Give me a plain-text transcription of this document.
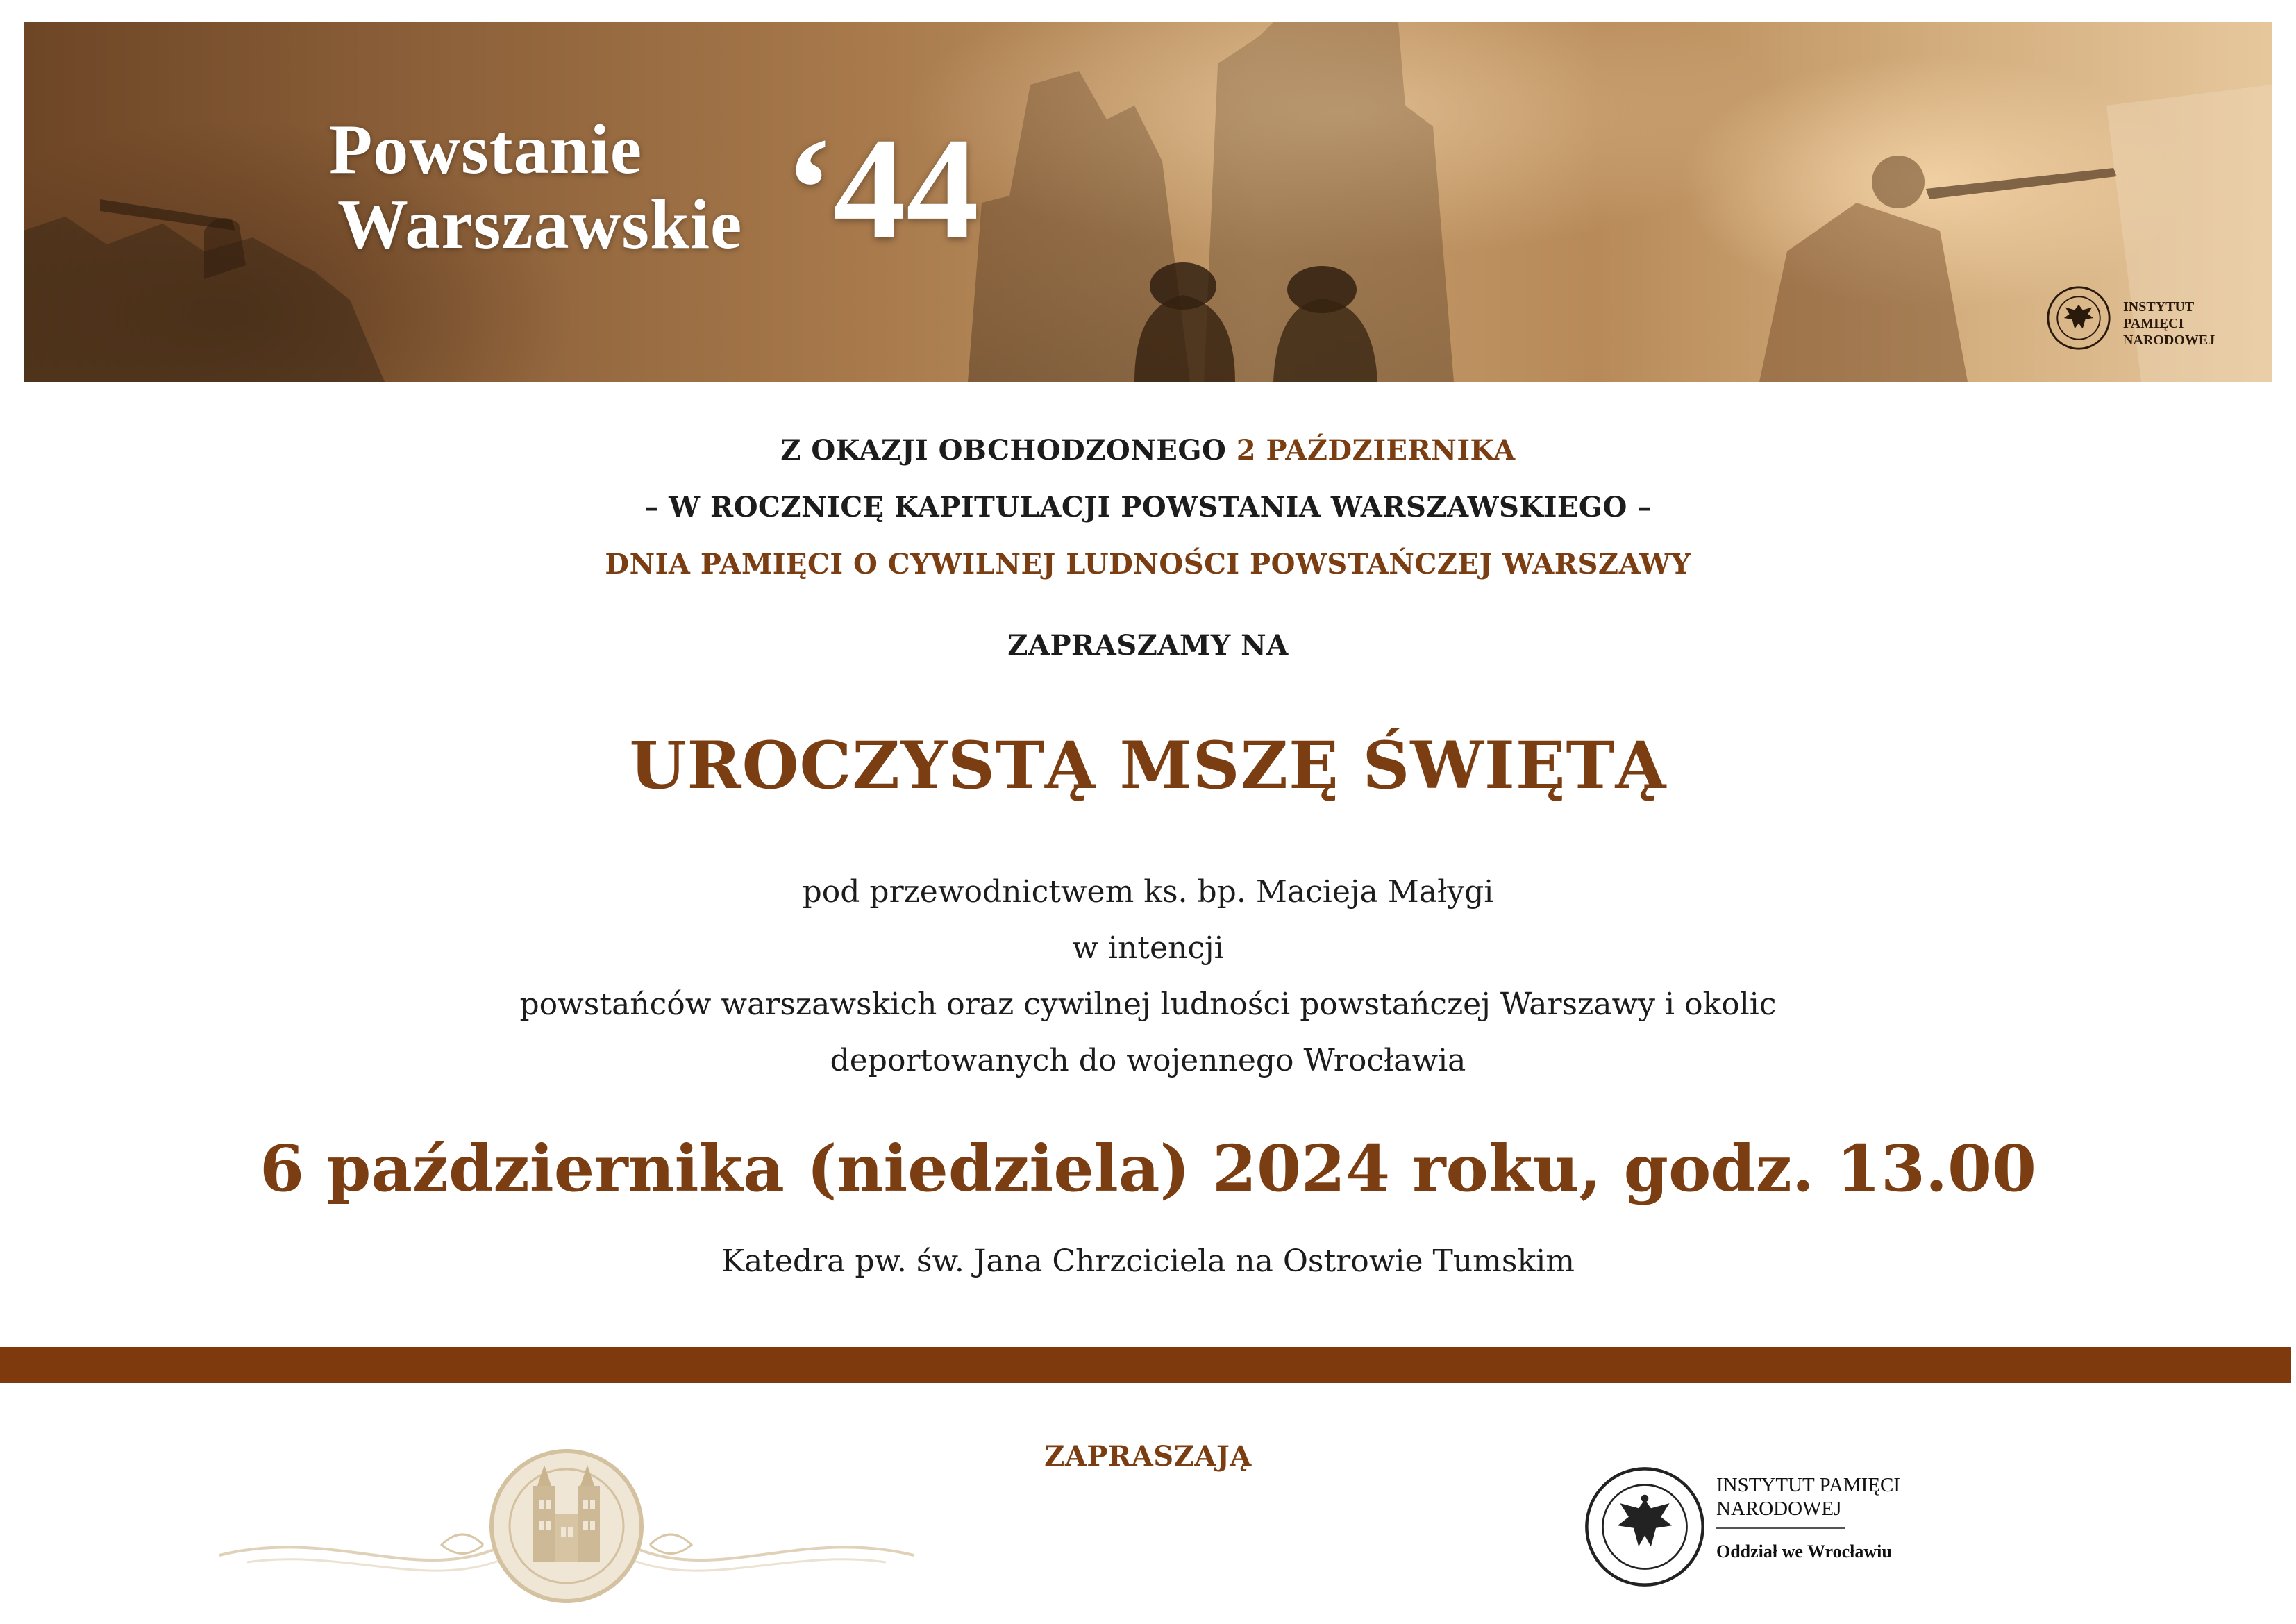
Powstanie
Warszawskie ‘44
INSTYTUT
PAMIĘCI
NARODOWEJ
Z OKAZJI OBCHODZONEGO 2 PAŹDZIERNIKA
– W ROCZNICĘ KAPITULACJI POWSTANIA WARSZAWSKIEGO –
DNIA PAMIĘCI O CYWILNEJ LUDNOŚCI POWSTAŃCZEJ WARSZAWY
ZAPRASZAMY NA
UROCZYSTĄ MSZĘ ŚWIĘTĄ
pod przewodnictwem ks. bp. Macieja Małygi
w intencji
powstańców warszawskich oraz cywilnej ludności powstańczej Warszawy i okolic
deportowanych do wojennego Wrocławia
6 października (niedziela) 2024 roku, godz. 13.00
Katedra pw. św. Jana Chrzciciela na Ostrowie Tumskim
ZAPRASZAJĄ
INSTYTUT PAMIĘCI
NARODOWEJ
Oddział we Wrocławiu
